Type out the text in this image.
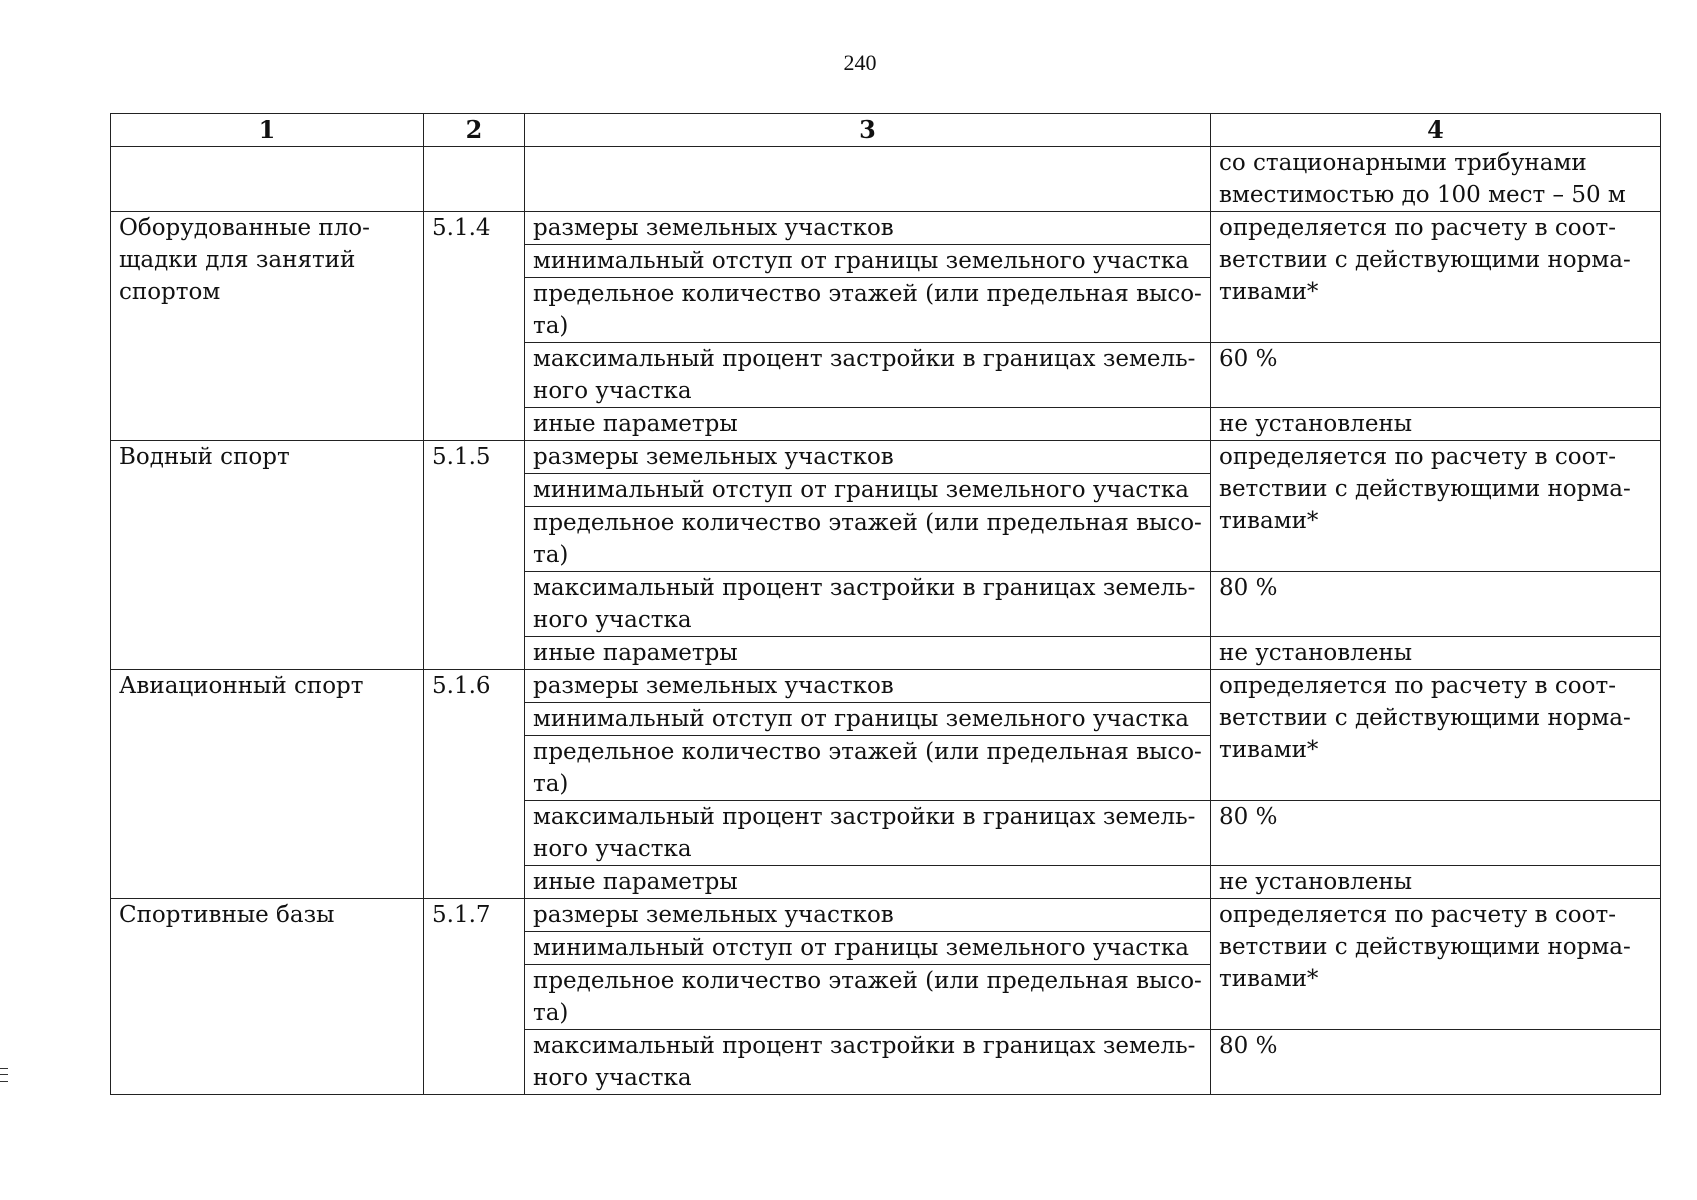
240
1	2	3	4
			со стационарными трибунами вместимостью до 100 мест – 50 м
Оборудованные пло-щадки для занятий спортом	5.1.4	размеры земельных участков	определяется по расчету в соот-ветствии с действующими норма-тивами*
		минимальный отступ от границы земельного участка	
		предельное количество этажей (или предельная высо-та)	
		максимальный процент застройки в границах земель-ного участка	60 %
		иные параметры	не установлены
Водный спорт	5.1.5	размеры земельных участков	определяется по расчету в соот-ветствии с действующими норма-тивами*
		минимальный отступ от границы земельного участка	
		предельное количество этажей (или предельная высо-та)	
		максимальный процент застройки в границах земель-ного участка	80 %
		иные параметры	не установлены
Авиационный спорт	5.1.6	размеры земельных участков	определяется по расчету в соот-ветствии с действующими норма-тивами*
		минимальный отступ от границы земельного участка	
		предельное количество этажей (или предельная высо-та)	
		максимальный процент застройки в границах земель-ного участка	80 %
		иные параметры	не установлены
Спортивные базы	5.1.7	размеры земельных участков	определяется по расчету в соот-ветствии с действующими норма-тивами*
		минимальный отступ от границы земельного участка	
		предельное количество этажей (или предельная высо-та)	
		максимальный процент застройки в границах земель-ного участка	80 %
